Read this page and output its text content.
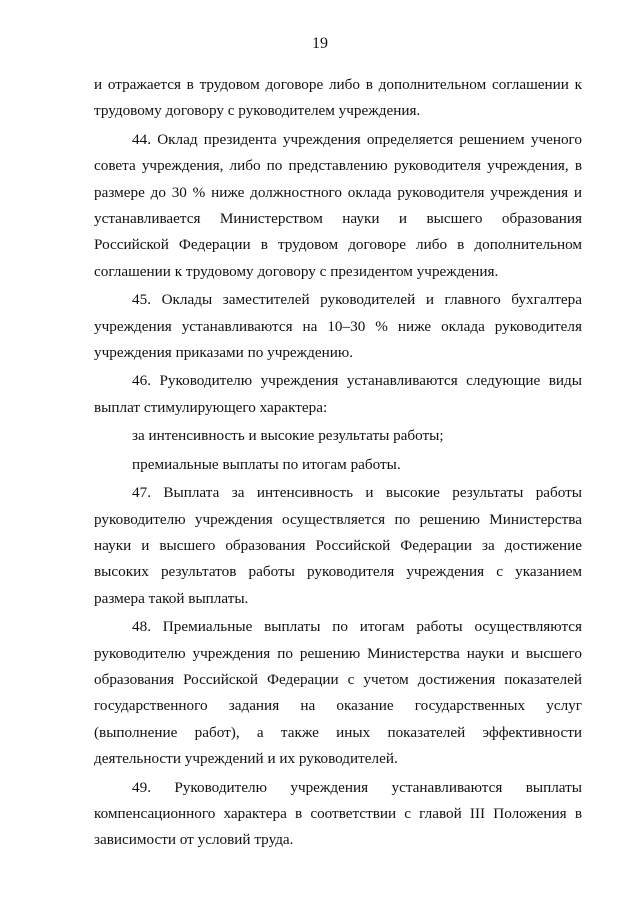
19

и отражается в трудовом договоре либо в дополнительном соглашении к трудовому договору с руководителем учреждения.

44. Оклад президента учреждения определяется решением ученого совета учреждения, либо по представлению руководителя учреждения, в размере до 30 % ниже должностного оклада руководителя учреждения и устанавливается Министерством науки и высшего образования Российской Федерации в трудовом договоре либо в дополнительном соглашении к трудовому договору с президентом учреждения.

45. Оклады заместителей руководителей и главного бухгалтера учреждения устанавливаются на 10–30 % ниже оклада руководителя учреждения приказами по учреждению.

46. Руководителю учреждения устанавливаются следующие виды выплат стимулирующего характера:

за интенсивность и высокие результаты работы;

премиальные выплаты по итогам работы.

47. Выплата за интенсивность и высокие результаты работы руководителю учреждения осуществляется по решению Министерства науки и высшего образования Российской Федерации за достижение высоких результатов работы руководителя учреждения с указанием размера такой выплаты.

48. Премиальные выплаты по итогам работы осуществляются руководителю учреждения по решению Министерства науки и высшего образования Российской Федерации с учетом достижения показателей государственного задания на оказание государственных услуг (выполнение работ), а также иных показателей эффективности деятельности учреждений и их руководителей.

49. Руководителю учреждения устанавливаются выплаты компенсационного характера в соответствии с главой III Положения в зависимости от условий труда.
